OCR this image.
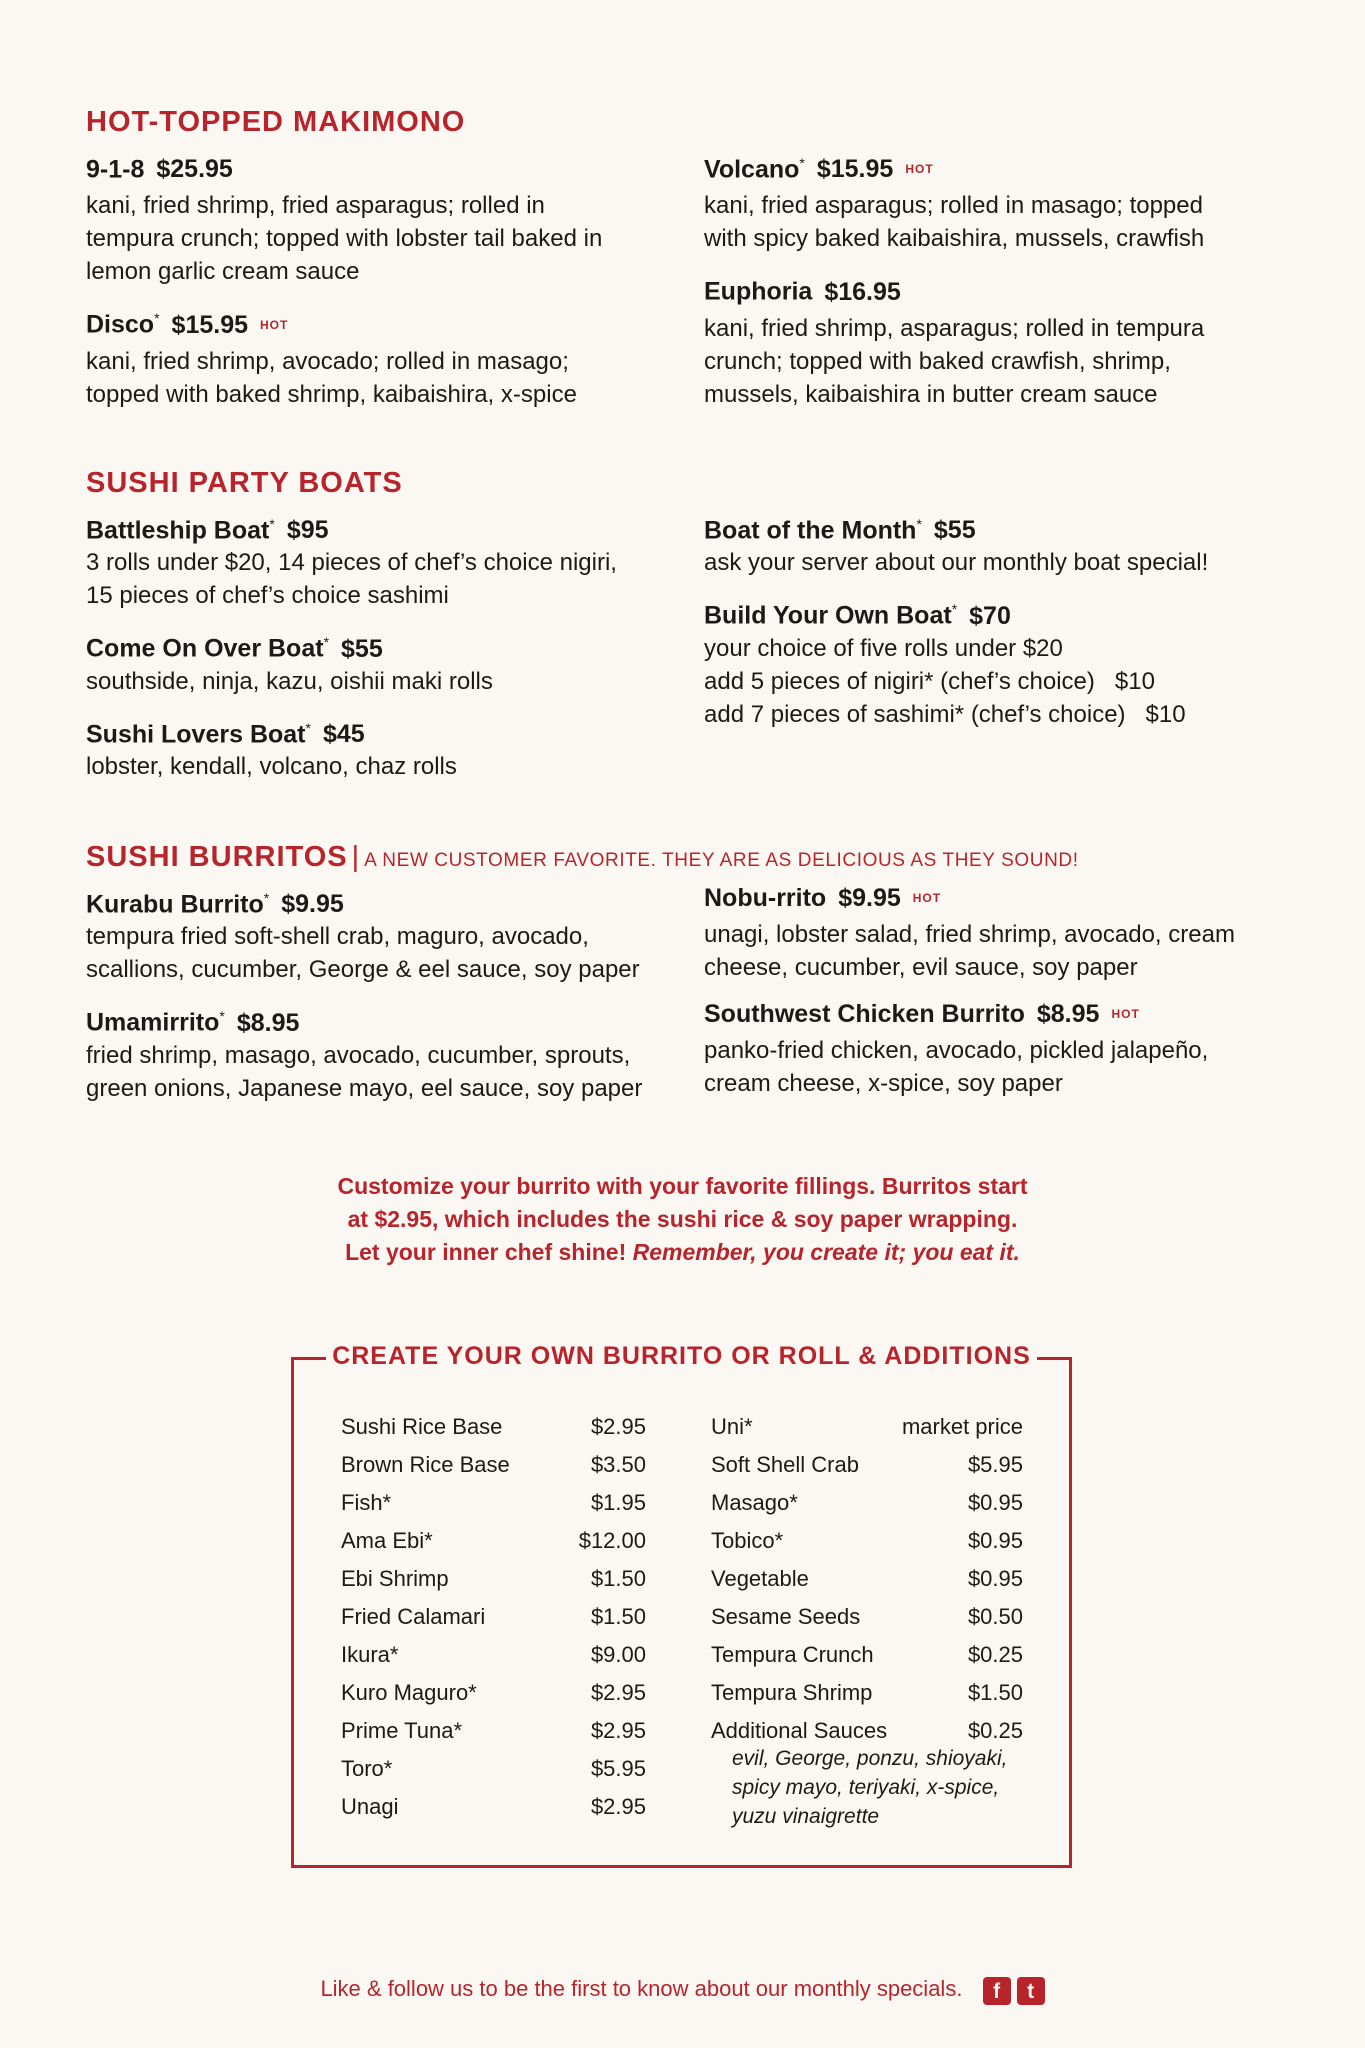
HOT-TOPPED MAKIMONO
9-1-8 $25.95
kani, fried shrimp, fried asparagus; rolled in
tempura crunch; topped with lobster tail baked in
lemon garlic cream sauce
Disco* $15.95 HOT
kani, fried shrimp, avocado; rolled in masago;
topped with baked shrimp, kaibaishira, x-spice
Volcano* $15.95 HOT
kani, fried asparagus; rolled in masago; topped
with spicy baked kaibaishira, mussels, crawfish
Euphoria $16.95
kani, fried shrimp, asparagus; rolled in tempura
crunch; topped with baked crawfish, shrimp,
mussels, kaibaishira in butter cream sauce
SUSHI PARTY BOATS
Battleship Boat* $95
3 rolls under $20, 14 pieces of chef’s choice nigiri,
15 pieces of chef’s choice sashimi
Come On Over Boat* $55
southside, ninja, kazu, oishii maki rolls
Sushi Lovers Boat* $45
lobster, kendall, volcano, chaz rolls
Boat of the Month* $55
ask your server about our monthly boat special!
Build Your Own Boat* $70
your choice of five rolls under $20
add 5 pieces of nigiri* (chef’s choice)   $10
add 7 pieces of sashimi* (chef’s choice)   $10
SUSHI BURRITOS | A NEW CUSTOMER FAVORITE. THEY ARE AS DELICIOUS AS THEY SOUND!
Kurabu Burrito* $9.95
tempura fried soft-shell crab, maguro, avocado,
scallions, cucumber, George & eel sauce, soy paper
Umamirrito* $8.95
fried shrimp, masago, avocado, cucumber, sprouts,
green onions, Japanese mayo, eel sauce, soy paper
Nobu-rrito $9.95 HOT
unagi, lobster salad, fried shrimp, avocado, cream
cheese, cucumber, evil sauce, soy paper
Southwest Chicken Burrito $8.95 HOT
panko-fried chicken, avocado, pickled jalapeño,
cream cheese, x-spice, soy paper
Customize your burrito with your favorite fillings. Burritos start
at $2.95, which includes the sushi rice & soy paper wrapping.
Let your inner chef shine! Remember, you create it; you eat it.
CREATE YOUR OWN BURRITO OR ROLL & ADDITIONS
Sushi Rice Base	$2.95
Brown Rice Base	$3.50
Fish*	$1.95
Ama Ebi*	$12.00
Ebi Shrimp	$1.50
Fried Calamari	$1.50
Ikura*	$9.00
Kuro Maguro*	$2.95
Prime Tuna*	$2.95
Toro*	$5.95
Unagi	$2.95
Uni*	market price
Soft Shell Crab	$5.95
Masago*	$0.95
Tobico*	$0.95
Vegetable	$0.95
Sesame Seeds	$0.50
Tempura Crunch	$0.25
Tempura Shrimp	$1.50
Additional Sauces	$0.25
evil, George, ponzu, shioyaki,
spicy mayo, teriyaki, x-spice,
yuzu vinaigrette
Like & follow us to be the first to know about our monthly specials. f t
